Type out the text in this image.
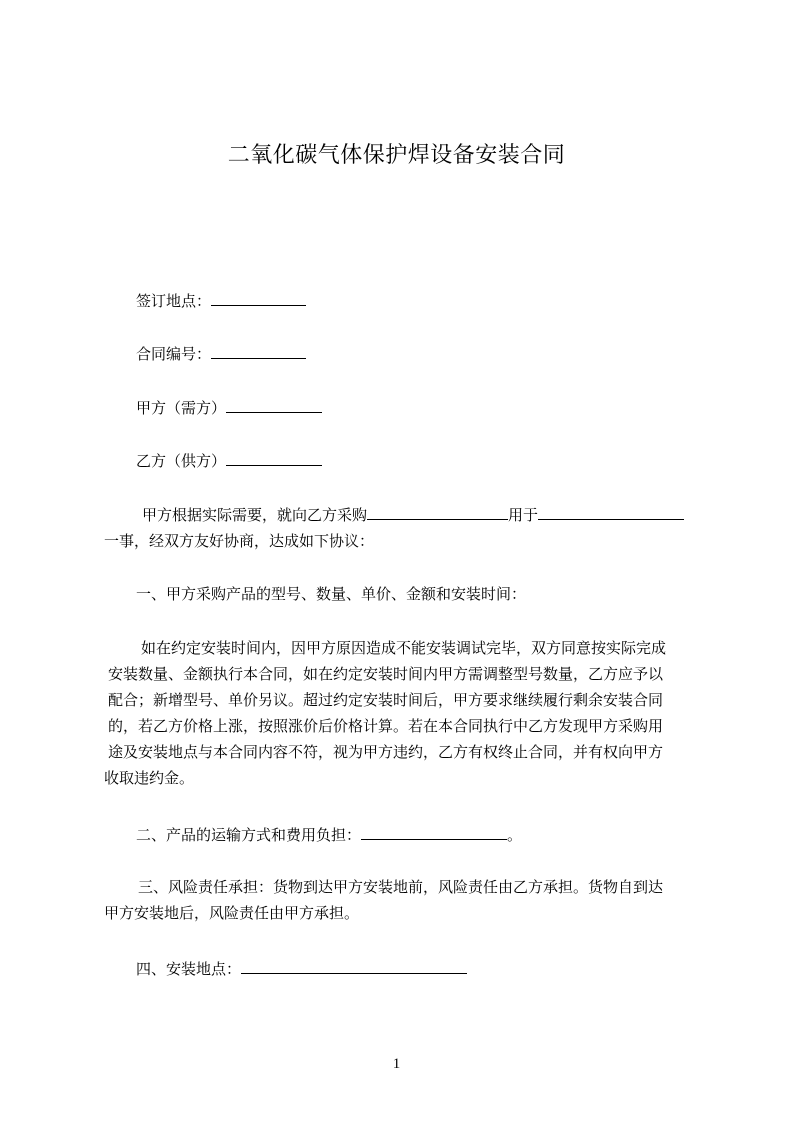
二氧化碳气体保护焊设备安装合同
签订地点：
合同编号：
甲方（需方）
乙方（供方）
甲方根据实际需要，就向乙方采购	用于
一事，经双方友好协商，达成如下协议：
一、甲方采购产品的型号、数量、单价、金额和安装时间：
如在约定安装时间内，因甲方原因造成不能安装调试完毕，双方同意按实际完成
安装数量、金额执行本合同，如在约定安装时间内甲方需调整型号数量，乙方应予以
配合；新增型号、单价另议。超过约定安装时间后，甲方要求继续履行剩余安装合同
的，若乙方价格上涨，按照涨价后价格计算。若在本合同执行中乙方发现甲方采购用
途及安装地点与本合同内容不符，视为甲方违约，乙方有权终止合同，并有权向甲方
收取违约金。
二、产品的运输方式和费用负担：	。
三、风险责任承担：货物到达甲方安装地前，风险责任由乙方承担。货物自到达
甲方安装地后，风险责任由甲方承担。
四、安装地点：
1
